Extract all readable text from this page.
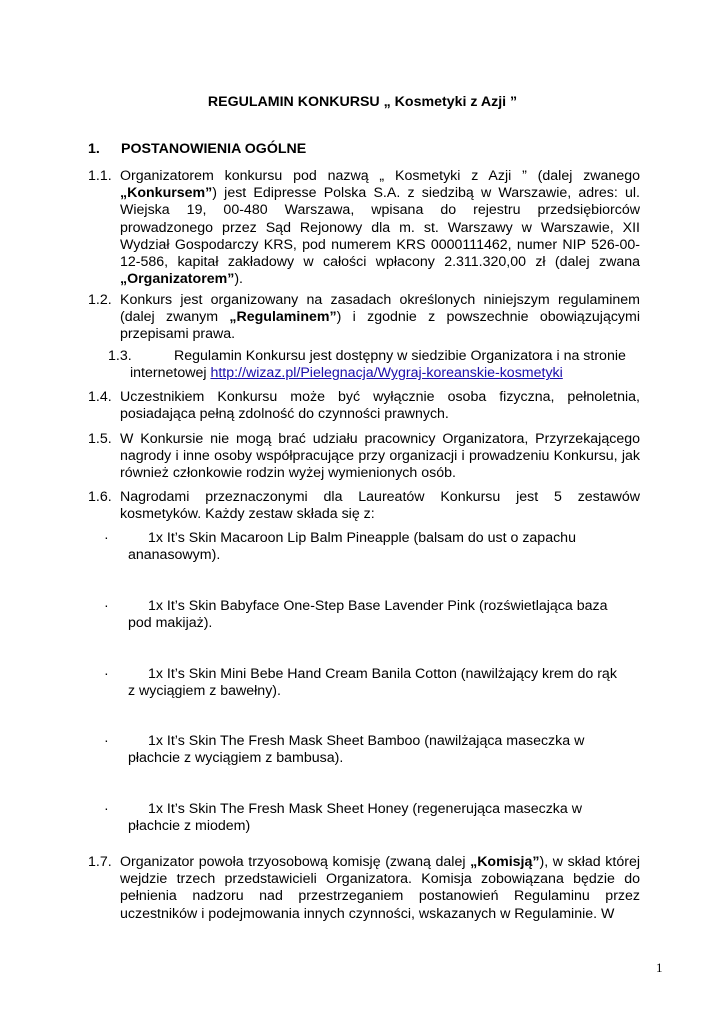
REGULAMIN KONKURSU „ Kosmetyki z Azji ”
1. POSTANOWIENIA OGÓLNE
1.1. Organizatorem konkursu pod nazwą „ Kosmetyki z Azji ” (dalej zwanego „Konkursem”) jest Edipresse Polska S.A. z siedzibą w Warszawie, adres: ul. Wiejska 19, 00-480 Warszawa, wpisana do rejestru przedsiębiorców prowadzonego przez Sąd Rejonowy dla m. st. Warszawy w Warszawie, XII Wydział Gospodarczy KRS, pod numerem KRS 0000111462, numer NIP 526-00-12-586, kapitał zakładowy w całości wpłacony 2.311.320,00 zł (dalej zwana „Organizatorem”).
1.2. Konkurs jest organizowany na zasadach określonych niniejszym regulaminem (dalej zwanym „Regulaminem”) i zgodnie z powszechnie obowiązującymi przepisami prawa.
1.3.	Regulamin Konkursu jest dostępny w siedzibie Organizatora i na stronie
internetowej http://wizaz.pl/Pielegnacja/Wygraj-koreanskie-kosmetyki
1.4. Uczestnikiem Konkursu może być wyłącznie osoba fizyczna, pełnoletnia, posiadająca pełną zdolność do czynności prawnych.
1.5. W Konkursie nie mogą brać udziału pracownicy Organizatora, Przyrzekającego nagrody i inne osoby współpracujące przy organizacji i prowadzeniu Konkursu, jak również członkowie rodzin wyżej wymienionych osób.
1.6. Nagrodami przeznaczonymi dla Laureatów Konkursu jest 5 zestawów kosmetyków. Każdy zestaw składa się z:
·	1x It’s Skin Macaroon Lip Balm Pineapple (balsam do ust o zapachu
ananasowym).
·	1x It’s Skin Babyface One-Step Base Lavender Pink (rozświetlająca baza
pod makijaż).
·	1x It’s Skin Mini Bebe Hand Cream Banila Cotton (nawilżający krem do rąk
z wyciągiem z bawełny).
·	1x It’s Skin The Fresh Mask Sheet Bamboo (nawilżająca maseczka w
płachcie z wyciągiem z bambusa).
·	1x It’s Skin The Fresh Mask Sheet Honey (regenerująca maseczka w
płachcie z miodem)
1.7. Organizator powoła trzyosobową komisję (zwaną dalej „Komisją”), w skład której wejdzie trzech przedstawicieli Organizatora. Komisja zobowiązana będzie do pełnienia nadzoru nad przestrzeganiem postanowień Regulaminu przez uczestników i podejmowania innych czynności, wskazanych w Regulaminie. W
1
